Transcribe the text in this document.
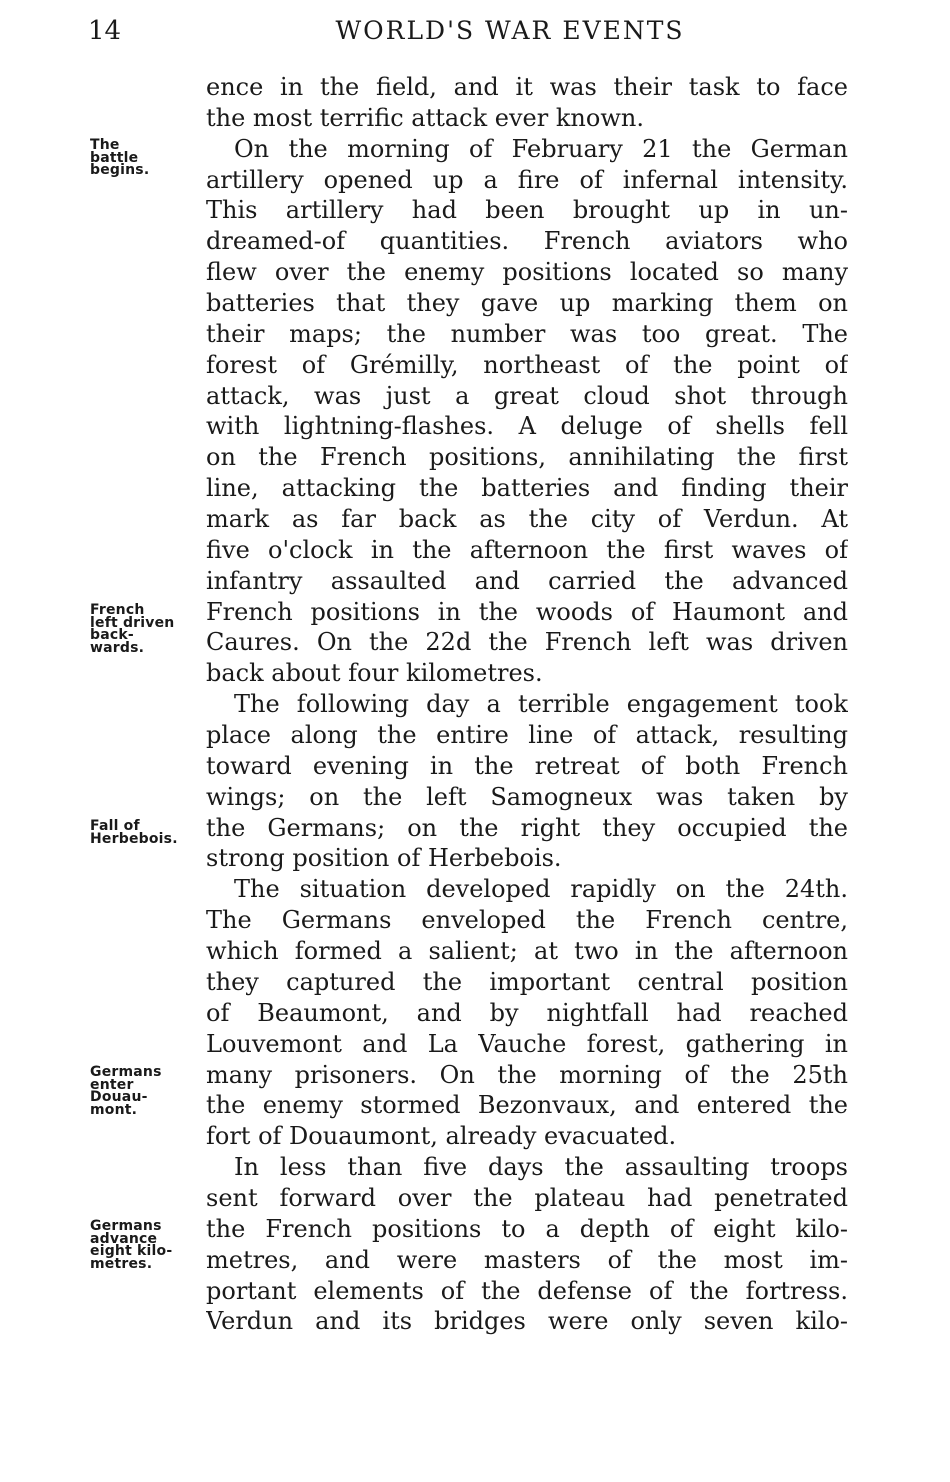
14	WORLD'S WAR EVENTS
The
battle
begins.
French
left driven
back-
wards.
Fall of
Herbebois.
Germans
enter
Douau-
mont.
Germans
advance
eight kilo-
metres.
ence in the field, and it was their task to face
the most terrific attack ever known.
On the morning of February 21 the German
artillery opened up a fire of infernal intensity.
This artillery had been brought up in un-
dreamed-of quantities. French aviators who
flew over the enemy positions located so many
batteries that they gave up marking them on
their maps; the number was too great. The
forest of Grémilly, northeast of the point of
attack, was just a great cloud shot through
with lightning-flashes. A deluge of shells fell
on the French positions, annihilating the first
line, attacking the batteries and finding their
mark as far back as the city of Verdun. At
five o'clock in the afternoon the first waves of
infantry assaulted and carried the advanced
French positions in the woods of Haumont and
Caures. On the 22d the French left was driven
back about four kilometres.
The following day a terrible engagement took
place along the entire line of attack, resulting
toward evening in the retreat of both French
wings; on the left Samogneux was taken by
the Germans; on the right they occupied the
strong position of Herbebois.
The situation developed rapidly on the 24th.
The Germans enveloped the French centre,
which formed a salient; at two in the afternoon
they captured the important central position
of Beaumont, and by nightfall had reached
Louvemont and La Vauche forest, gathering in
many prisoners. On the morning of the 25th
the enemy stormed Bezonvaux, and entered the
fort of Douaumont, already evacuated.
In less than five days the assaulting troops
sent forward over the plateau had penetrated
the French positions to a depth of eight kilo-
metres, and were masters of the most im-
portant elements of the defense of the fortress.
Verdun and its bridges were only seven kilo-
